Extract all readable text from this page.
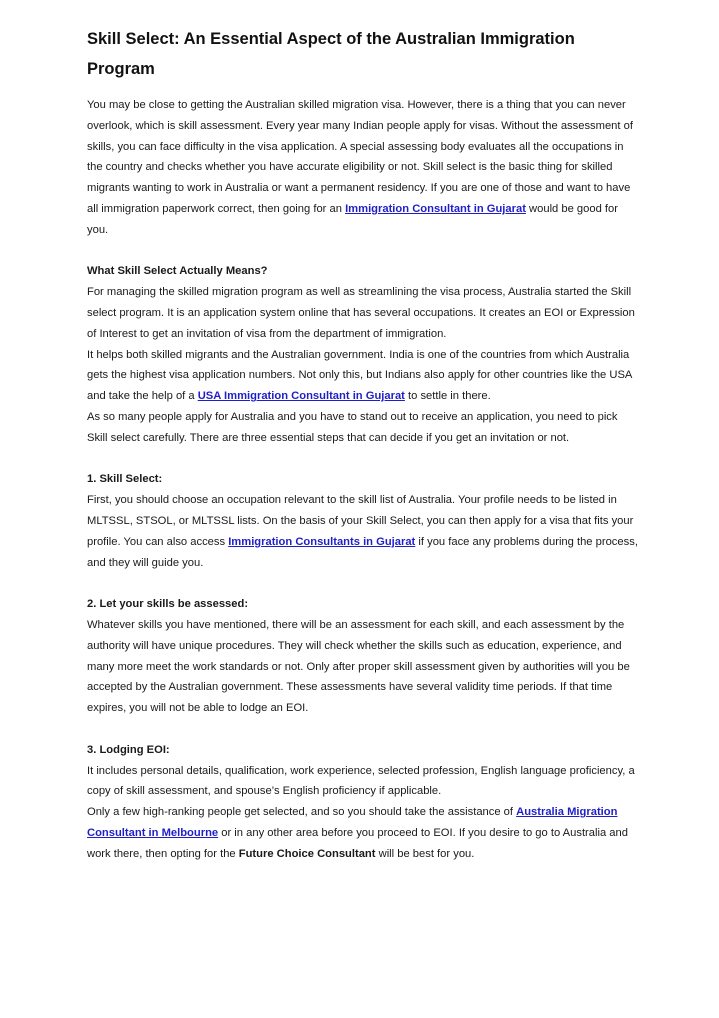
Skill Select: An Essential Aspect of the Australian Immigration Program

You may be close to getting the Australian skilled migration visa. However, there is a thing that you can never overlook, which is skill assessment. Every year many Indian people apply for visas. Without the assessment of skills, you can face difficulty in the visa application. A special assessing body evaluates all the occupations in the country and checks whether you have accurate eligibility or not. Skill select is the basic thing for skilled migrants wanting to work in Australia or want a permanent residency. If you are one of those and want to have all immigration paperwork correct, then going for an Immigration Consultant in Gujarat would be good for you.

What Skill Select Actually Means?

For managing the skilled migration program as well as streamlining the visa process, Australia started the Skill select program. It is an application system online that has several occupations. It creates an EOI or Expression of Interest to get an invitation of visa from the department of immigration.

It helps both skilled migrants and the Australian government. India is one of the countries from which Australia gets the highest visa application numbers. Not only this, but Indians also apply for other countries like the USA and take the help of a USA Immigration Consultant in Gujarat to settle in there.

As so many people apply for Australia and you have to stand out to receive an application, you need to pick Skill select carefully. There are three essential steps that can decide if you get an invitation or not.

1. Skill Select:

First, you should choose an occupation relevant to the skill list of Australia. Your profile needs to be listed in MLTSSL, STSOL, or MLTSSL lists. On the basis of your Skill Select, you can then apply for a visa that fits your profile. You can also access Immigration Consultants in Gujarat if you face any problems during the process, and they will guide you.

2. Let your skills be assessed:

Whatever skills you have mentioned, there will be an assessment for each skill, and each assessment by the authority will have unique procedures. They will check whether the skills such as education, experience, and many more meet the work standards or not. Only after proper skill assessment given by authorities will you be accepted by the Australian government. These assessments have several validity time periods. If that time expires, you will not be able to lodge an EOI.

3. Lodging EOI:

It includes personal details, qualification, work experience, selected profession, English language proficiency, a copy of skill assessment, and spouse’s English proficiency if applicable.

Only a few high-ranking people get selected, and so you should take the assistance of Australia Migration Consultant in Melbourne or in any other area before you proceed to EOI. If you desire to go to Australia and work there, then opting for the Future Choice Consultant will be best for you.
